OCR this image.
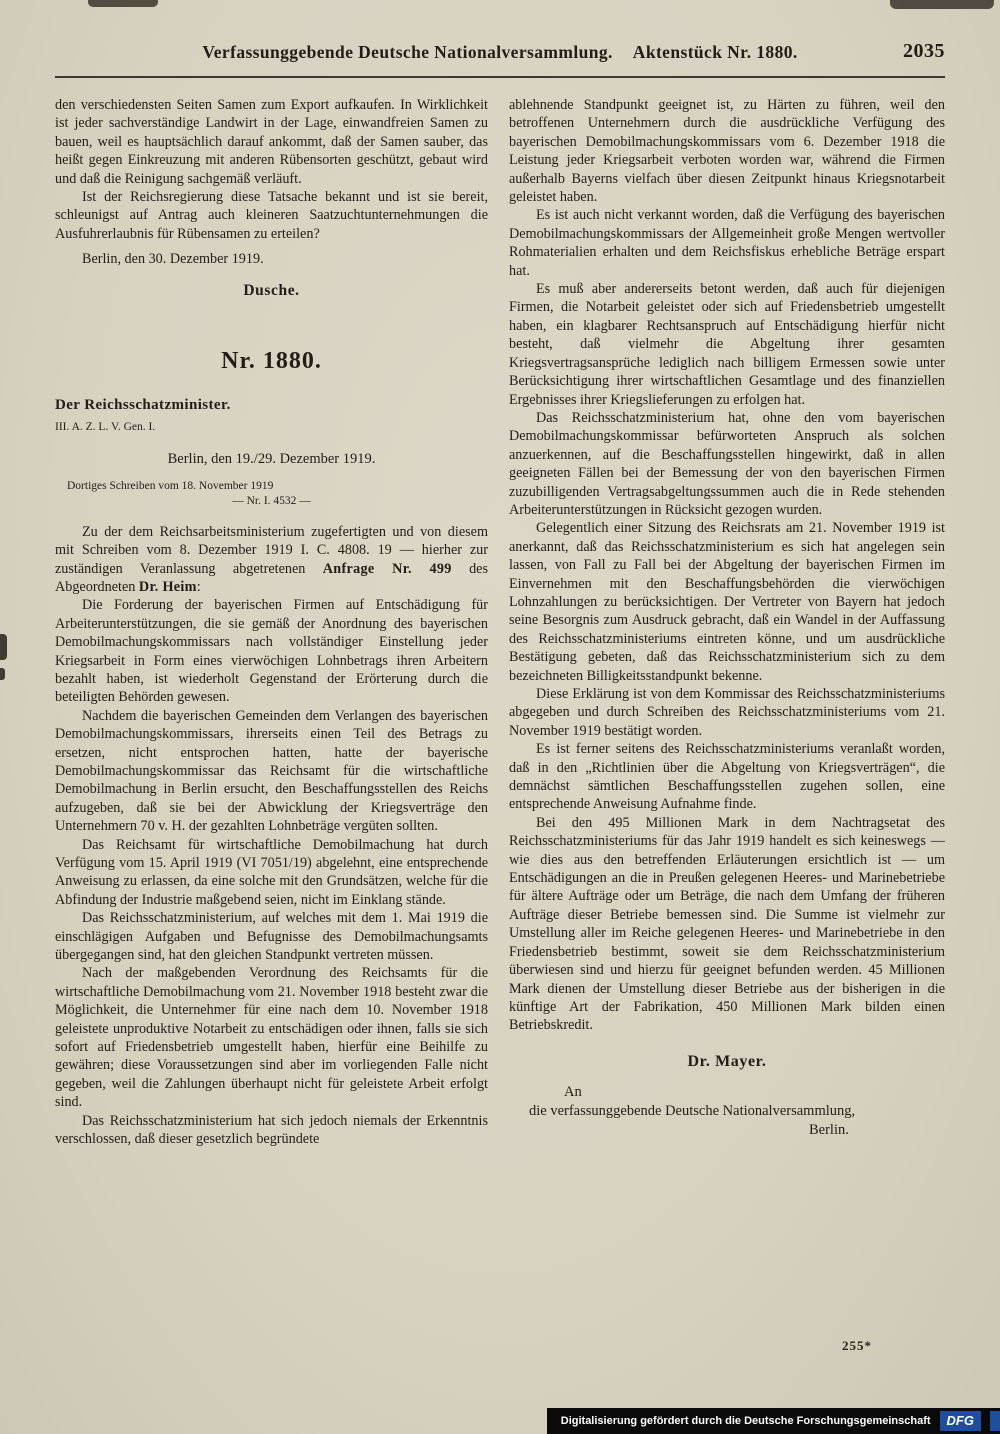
Verfassunggebende Deutsche Nationalversammlung. Aktenstück Nr. 1880.	2035

den verschiedensten Seiten Samen zum Export aufkaufen. In Wirklichkeit ist jeder sachverständige Landwirt in der Lage, einwandfreien Samen zu bauen, weil es hauptsächlich darauf ankommt, daß der Samen sauber, das heißt gegen Einkreuzung mit anderen Rübensorten geschützt, gebaut wird und daß die Reinigung sachgemäß verläuft.

Ist der Reichsregierung diese Tatsache bekannt und ist sie bereit, schleunigst auf Antrag auch kleineren Saatzuchtunternehmungen die Ausfuhrerlaubnis für Rübensamen zu erteilen?

Berlin, den 30. Dezember 1919.

Dusche.

Nr. 1880.

Der Reichsschatzminister.

III. A. Z. L. V. Gen. I.

Berlin, den 19./29. Dezember 1919.

Dortiges Schreiben vom 18. November 1919

— Nr. I. 4532 —

Zu der dem Reichsarbeitsministerium zugefertigten und von diesem mit Schreiben vom 8. Dezember 1919 I. C. 4808. 19 — hierher zur zuständigen Veranlassung abgetretenen Anfrage Nr. 499 des Abgeordneten Dr. Heim:

Die Forderung der bayerischen Firmen auf Entschädigung für Arbeiterunterstützungen, die sie gemäß der Anordnung des bayerischen Demobilmachungskommissars nach vollständiger Einstellung jeder Kriegsarbeit in Form eines vierwöchigen Lohnbetrags ihren Arbeitern bezahlt haben, ist wiederholt Gegenstand der Erörterung durch die beteiligten Behörden gewesen.

Nachdem die bayerischen Gemeinden dem Verlangen des bayerischen Demobilmachungskommissars, ihrerseits einen Teil des Betrags zu ersetzen, nicht entsprochen hatten, hatte der bayerische Demobilmachungskommissar das Reichsamt für die wirtschaftliche Demobilmachung in Berlin ersucht, den Beschaffungsstellen des Reichs aufzugeben, daß sie bei der Abwicklung der Kriegsverträge den Unternehmern 70 v. H. der gezahlten Lohnbeträge vergüten sollten.

Das Reichsamt für wirtschaftliche Demobilmachung hat durch Verfügung vom 15. April 1919 (VI 7051/19) abgelehnt, eine entsprechende Anweisung zu erlassen, da eine solche mit den Grundsätzen, welche für die Abfindung der Industrie maßgebend seien, nicht im Einklang stände.

Das Reichsschatzministerium, auf welches mit dem 1. Mai 1919 die einschlägigen Aufgaben und Befugnisse des Demobilmachungsamts übergegangen sind, hat den gleichen Standpunkt vertreten müssen.

Nach der maßgebenden Verordnung des Reichsamts für die wirtschaftliche Demobilmachung vom 21. November 1918 besteht zwar die Möglichkeit, die Unternehmer für eine nach dem 10. November 1918 geleistete unproduktive Notarbeit zu entschädigen oder ihnen, falls sie sich sofort auf Friedensbetrieb umgestellt haben, hierfür eine Beihilfe zu gewähren; diese Voraussetzungen sind aber im vorliegenden Falle nicht gegeben, weil die Zahlungen überhaupt nicht für geleistete Arbeit erfolgt sind.

Das Reichsschatzministerium hat sich jedoch niemals der Erkenntnis verschlossen, daß dieser gesetzlich begründete

ablehnende Standpunkt geeignet ist, zu Härten zu führen, weil den betroffenen Unternehmern durch die ausdrückliche Verfügung des bayerischen Demobilmachungskommissars vom 6. Dezember 1918 die Leistung jeder Kriegsarbeit verboten worden war, während die Firmen außerhalb Bayerns vielfach über diesen Zeitpunkt hinaus Kriegsnotarbeit geleistet haben.

Es ist auch nicht verkannt worden, daß die Verfügung des bayerischen Demobilmachungskommissars der Allgemeinheit große Mengen wertvoller Rohmaterialien erhalten und dem Reichsfiskus erhebliche Beträge erspart hat.

Es muß aber andererseits betont werden, daß auch für diejenigen Firmen, die Notarbeit geleistet oder sich auf Friedensbetrieb umgestellt haben, ein klagbarer Rechtsanspruch auf Entschädigung hierfür nicht besteht, daß vielmehr die Abgeltung ihrer gesamten Kriegsvertragsansprüche lediglich nach billigem Ermessen sowie unter Berücksichtigung ihrer wirtschaftlichen Gesamtlage und des finanziellen Ergebnisses ihrer Kriegslieferungen zu erfolgen hat.

Das Reichsschatzministerium hat, ohne den vom bayerischen Demobilmachungskommissar befürworteten Anspruch als solchen anzuerkennen, auf die Beschaffungsstellen hingewirkt, daß in allen geeigneten Fällen bei der Bemessung der von den bayerischen Firmen zuzubilligenden Vertragsabgeltungssummen auch die in Rede stehenden Arbeiterunterstützungen in Rücksicht gezogen wurden.

Gelegentlich einer Sitzung des Reichsrats am 21. November 1919 ist anerkannt, daß das Reichsschatzministerium es sich hat angelegen sein lassen, von Fall zu Fall bei der Abgeltung der bayerischen Firmen im Einvernehmen mit den Beschaffungsbehörden die vierwöchigen Lohnzahlungen zu berücksichtigen. Der Vertreter von Bayern hat jedoch seine Besorgnis zum Ausdruck gebracht, daß ein Wandel in der Auffassung des Reichsschatzministeriums eintreten könne, und um ausdrückliche Bestätigung gebeten, daß das Reichsschatzministerium sich zu dem bezeichneten Billigkeitsstandpunkt bekenne.

Diese Erklärung ist von dem Kommissar des Reichsschatzministeriums abgegeben und durch Schreiben des Reichsschatzministeriums vom 21. November 1919 bestätigt worden.

Es ist ferner seitens des Reichsschatzministeriums veranlaßt worden, daß in den „Richtlinien über die Abgeltung von Kriegsverträgen“, die demnächst sämtlichen Beschaffungsstellen zugehen sollen, eine entsprechende Anweisung Aufnahme finde.

Bei den 495 Millionen Mark in dem Nachtragsetat des Reichsschatzministeriums für das Jahr 1919 handelt es sich keineswegs — wie dies aus den betreffenden Erläuterungen ersichtlich ist — um Entschädigungen an die in Preußen gelegenen Heeres- und Marinebetriebe für ältere Aufträge oder um Beträge, die nach dem Umfang der früheren Aufträge dieser Betriebe bemessen sind. Die Summe ist vielmehr zur Umstellung aller im Reiche gelegenen Heeres- und Marinebetriebe in den Friedensbetrieb bestimmt, soweit sie dem Reichsschatzministerium überwiesen sind und hierzu für geeignet befunden werden. 45 Millionen Mark dienen der Umstellung dieser Betriebe aus der bisherigen in die künftige Art der Fabrikation, 450 Millionen Mark bilden einen Betriebskredit.

Dr. Mayer.

An

die verfassunggebende Deutsche Nationalversammlung,

Berlin.

255*
Digitalisierung gefördert durch die Deutsche Forschungsgemeinschaft	DFG
